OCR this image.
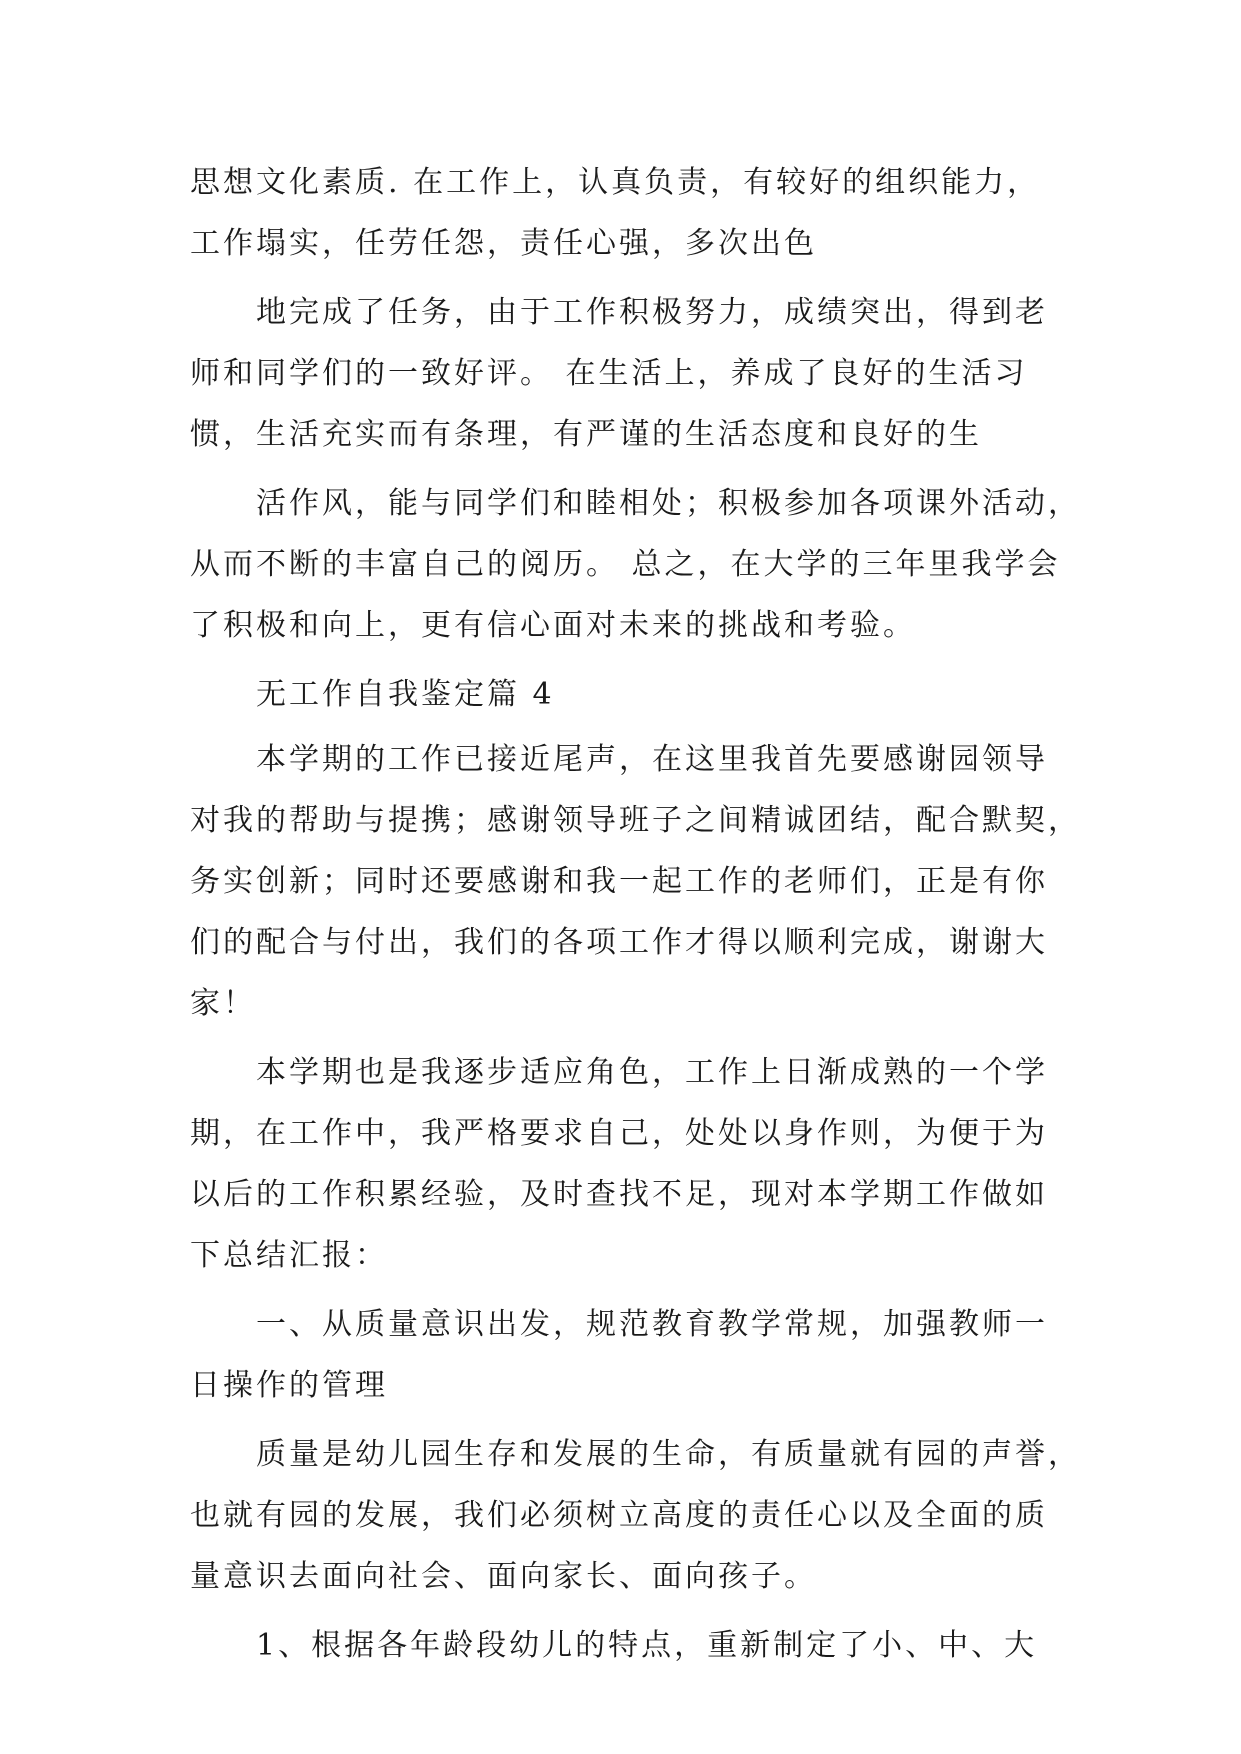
思想文化素质. 在工作上，认真负责，有较好的组织能力，
工作塌实，任劳任怨，责任心强，多次出色
地完成了任务，由于工作积极努力，成绩突出，得到老
师和同学们的一致好评。 在生活上，养成了良好的生活习
惯，生活充实而有条理，有严谨的生活态度和良好的生
活作风，能与同学们和睦相处；积极参加各项课外活动，
从而不断的丰富自己的阅历。 总之，在大学的三年里我学会
了积极和向上，更有信心面对未来的挑战和考验。
无工作自我鉴定篇 4
本学期的工作已接近尾声，在这里我首先要感谢园领导
对我的帮助与提携；感谢领导班子之间精诚团结，配合默契，
务实创新；同时还要感谢和我一起工作的老师们，正是有你
们的配合与付出，我们的各项工作才得以顺利完成，谢谢大
家！
本学期也是我逐步适应角色，工作上日渐成熟的一个学
期，在工作中，我严格要求自己，处处以身作则，为便于为
以后的工作积累经验，及时查找不足，现对本学期工作做如
下总结汇报：
一、从质量意识出发，规范教育教学常规，加强教师一
日操作的管理
质量是幼儿园生存和发展的生命，有质量就有园的声誉，
也就有园的发展，我们必须树立高度的责任心以及全面的质
量意识去面向社会、面向家长、面向孩子。
1、根据各年龄段幼儿的特点，重新制定了小、中、大
